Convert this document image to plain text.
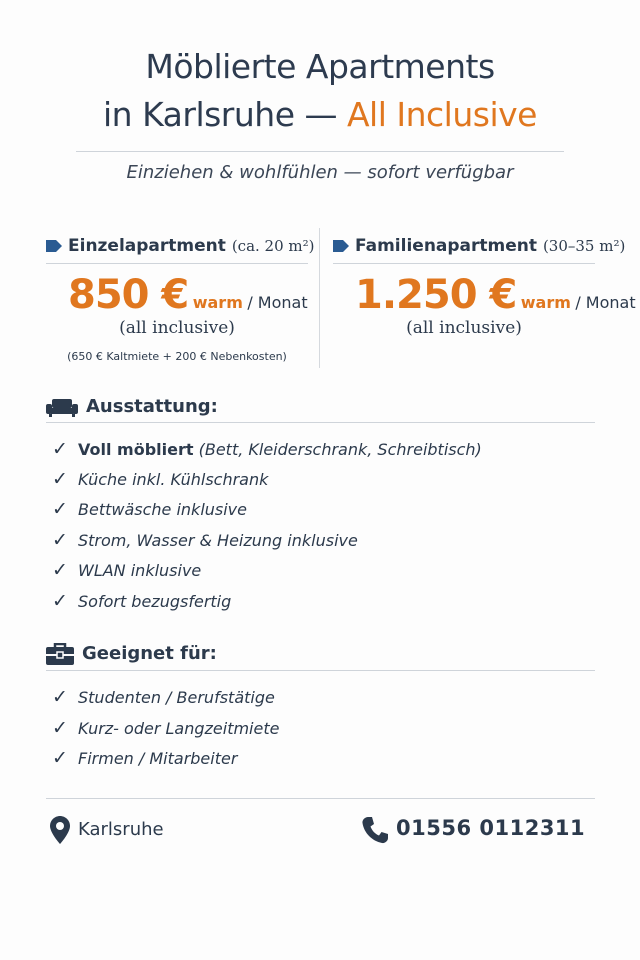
Möblierte Apartments
in Karlsruhe — All Inclusive
Einziehen & wohlfühlen — sofort verfügbar
Einzelapartment (ca. 20 m²)
850 € warm / Monat
(all inclusive)
(650 € Kaltmiete + 200 € Nebenkosten)
Familienapartment (30–35 m²)
1.250 € warm / Monat
(all inclusive)
Ausstattung:
✓ Voll möbliert (Bett, Kleiderschrank, Schreibtisch)
✓ Küche inkl. Kühlschrank
✓ Bettwäsche inklusive
✓ Strom, Wasser & Heizung inklusive
✓ WLAN inklusive
✓ Sofort bezugsfertig
Geeignet für:
✓ Studenten / Berufstätige
✓ Kurz- oder Langzeitmiete
✓ Firmen / Mitarbeiter
Karlsruhe	01556 0112311
